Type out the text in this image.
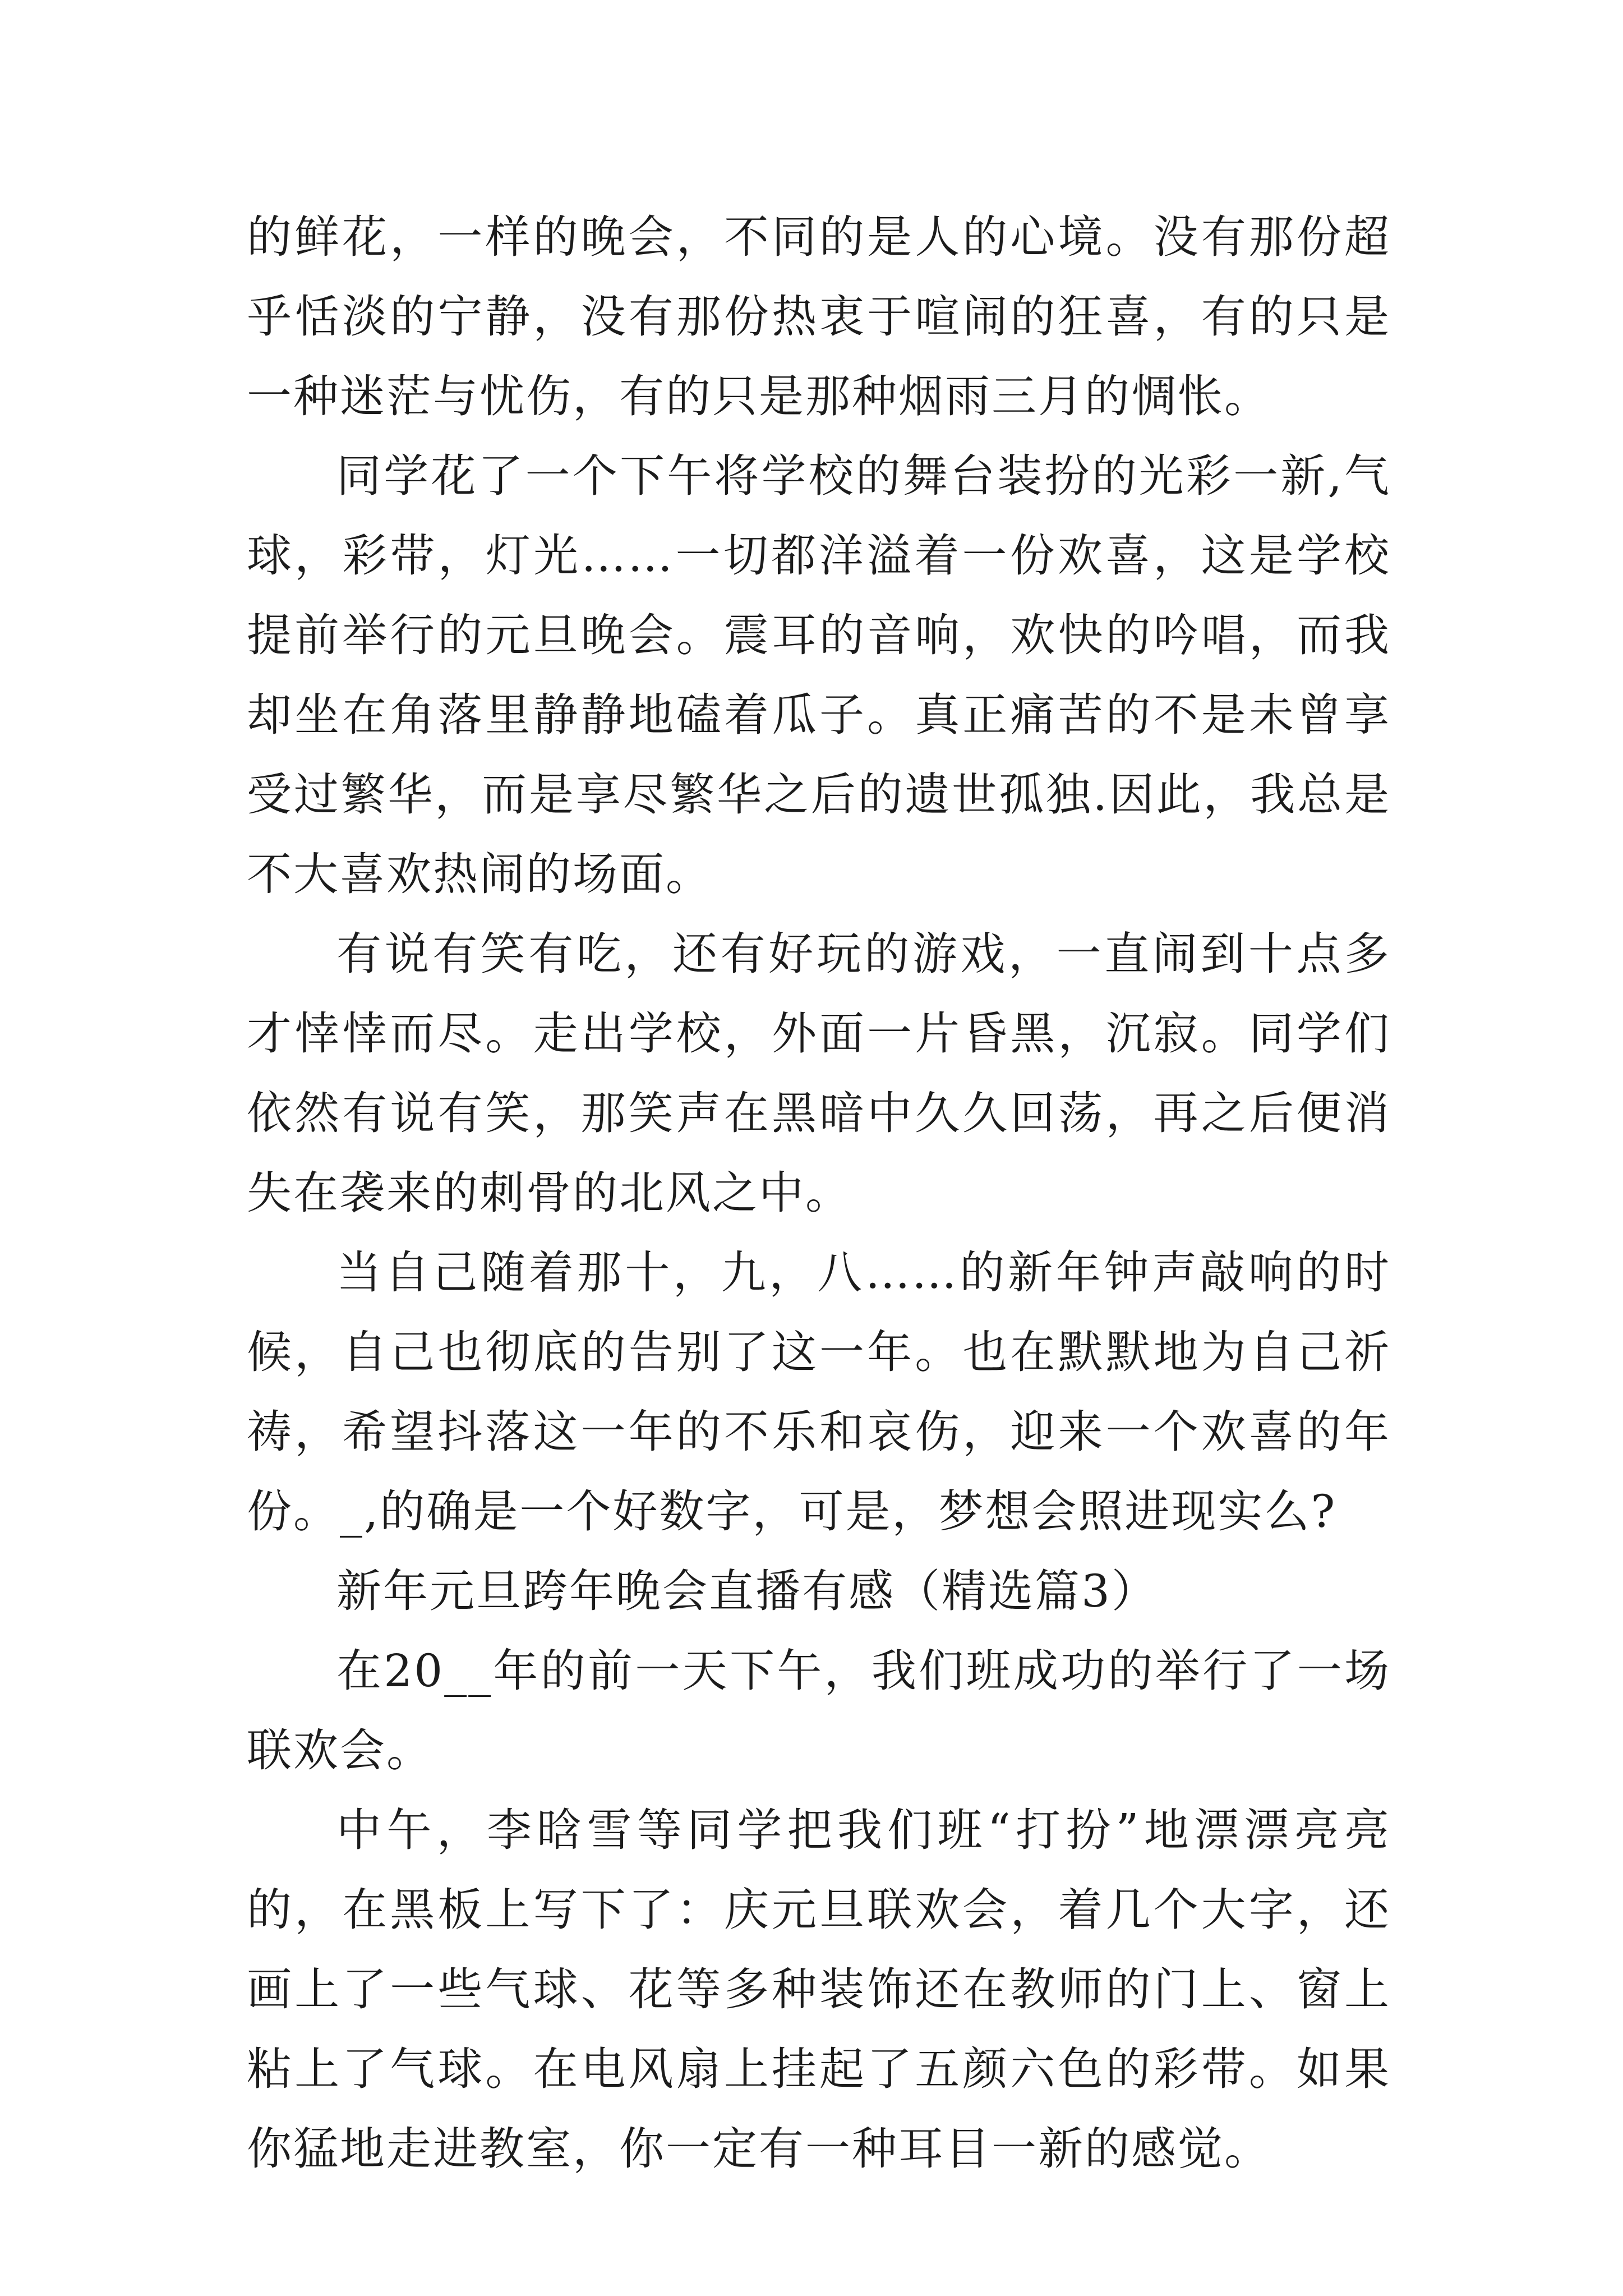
的鲜花，一样的晚会，不同的是人的心境。没有那份超乎恬淡的宁静，没有那份热衷于喧闹的狂喜，有的只是一种迷茫与忧伤，有的只是那种烟雨三月的惆怅。

同学花了一个下午将学校的舞台装扮的光彩一新,气球，彩带，灯光……一切都洋溢着一份欢喜，这是学校提前举行的元旦晚会。震耳的音响，欢快的吟唱，而我却坐在角落里静静地磕着瓜子。真正痛苦的不是未曾享受过繁华，而是享尽繁华之后的遗世孤独.因此，我总是不大喜欢热闹的场面。

有说有笑有吃，还有好玩的游戏，一直闹到十点多才悻悻而尽。走出学校，外面一片昏黑，沉寂。同学们依然有说有笑，那笑声在黑暗中久久回荡，再之后便消失在袭来的刺骨的北风之中。

当自己随着那十，九，八……的新年钟声敲响的时候，自己也彻底的告别了这一年。也在默默地为自己祈祷，希望抖落这一年的不乐和哀伤，迎来一个欢喜的年份。_,的确是一个好数字，可是，梦想会照进现实么?

新年元旦跨年晚会直播有感（精选篇3）

在20__年的前一天下午，我们班成功的举行了一场联欢会。

中午，李晗雪等同学把我们班“打扮”地漂漂亮亮的，在黑板上写下了：庆元旦联欢会，着几个大字，还画上了一些气球、花等多种装饰还在教师的门上、窗上粘上了气球。在电风扇上挂起了五颜六色的彩带。如果你猛地走进教室，你一定有一种耳目一新的感觉。
